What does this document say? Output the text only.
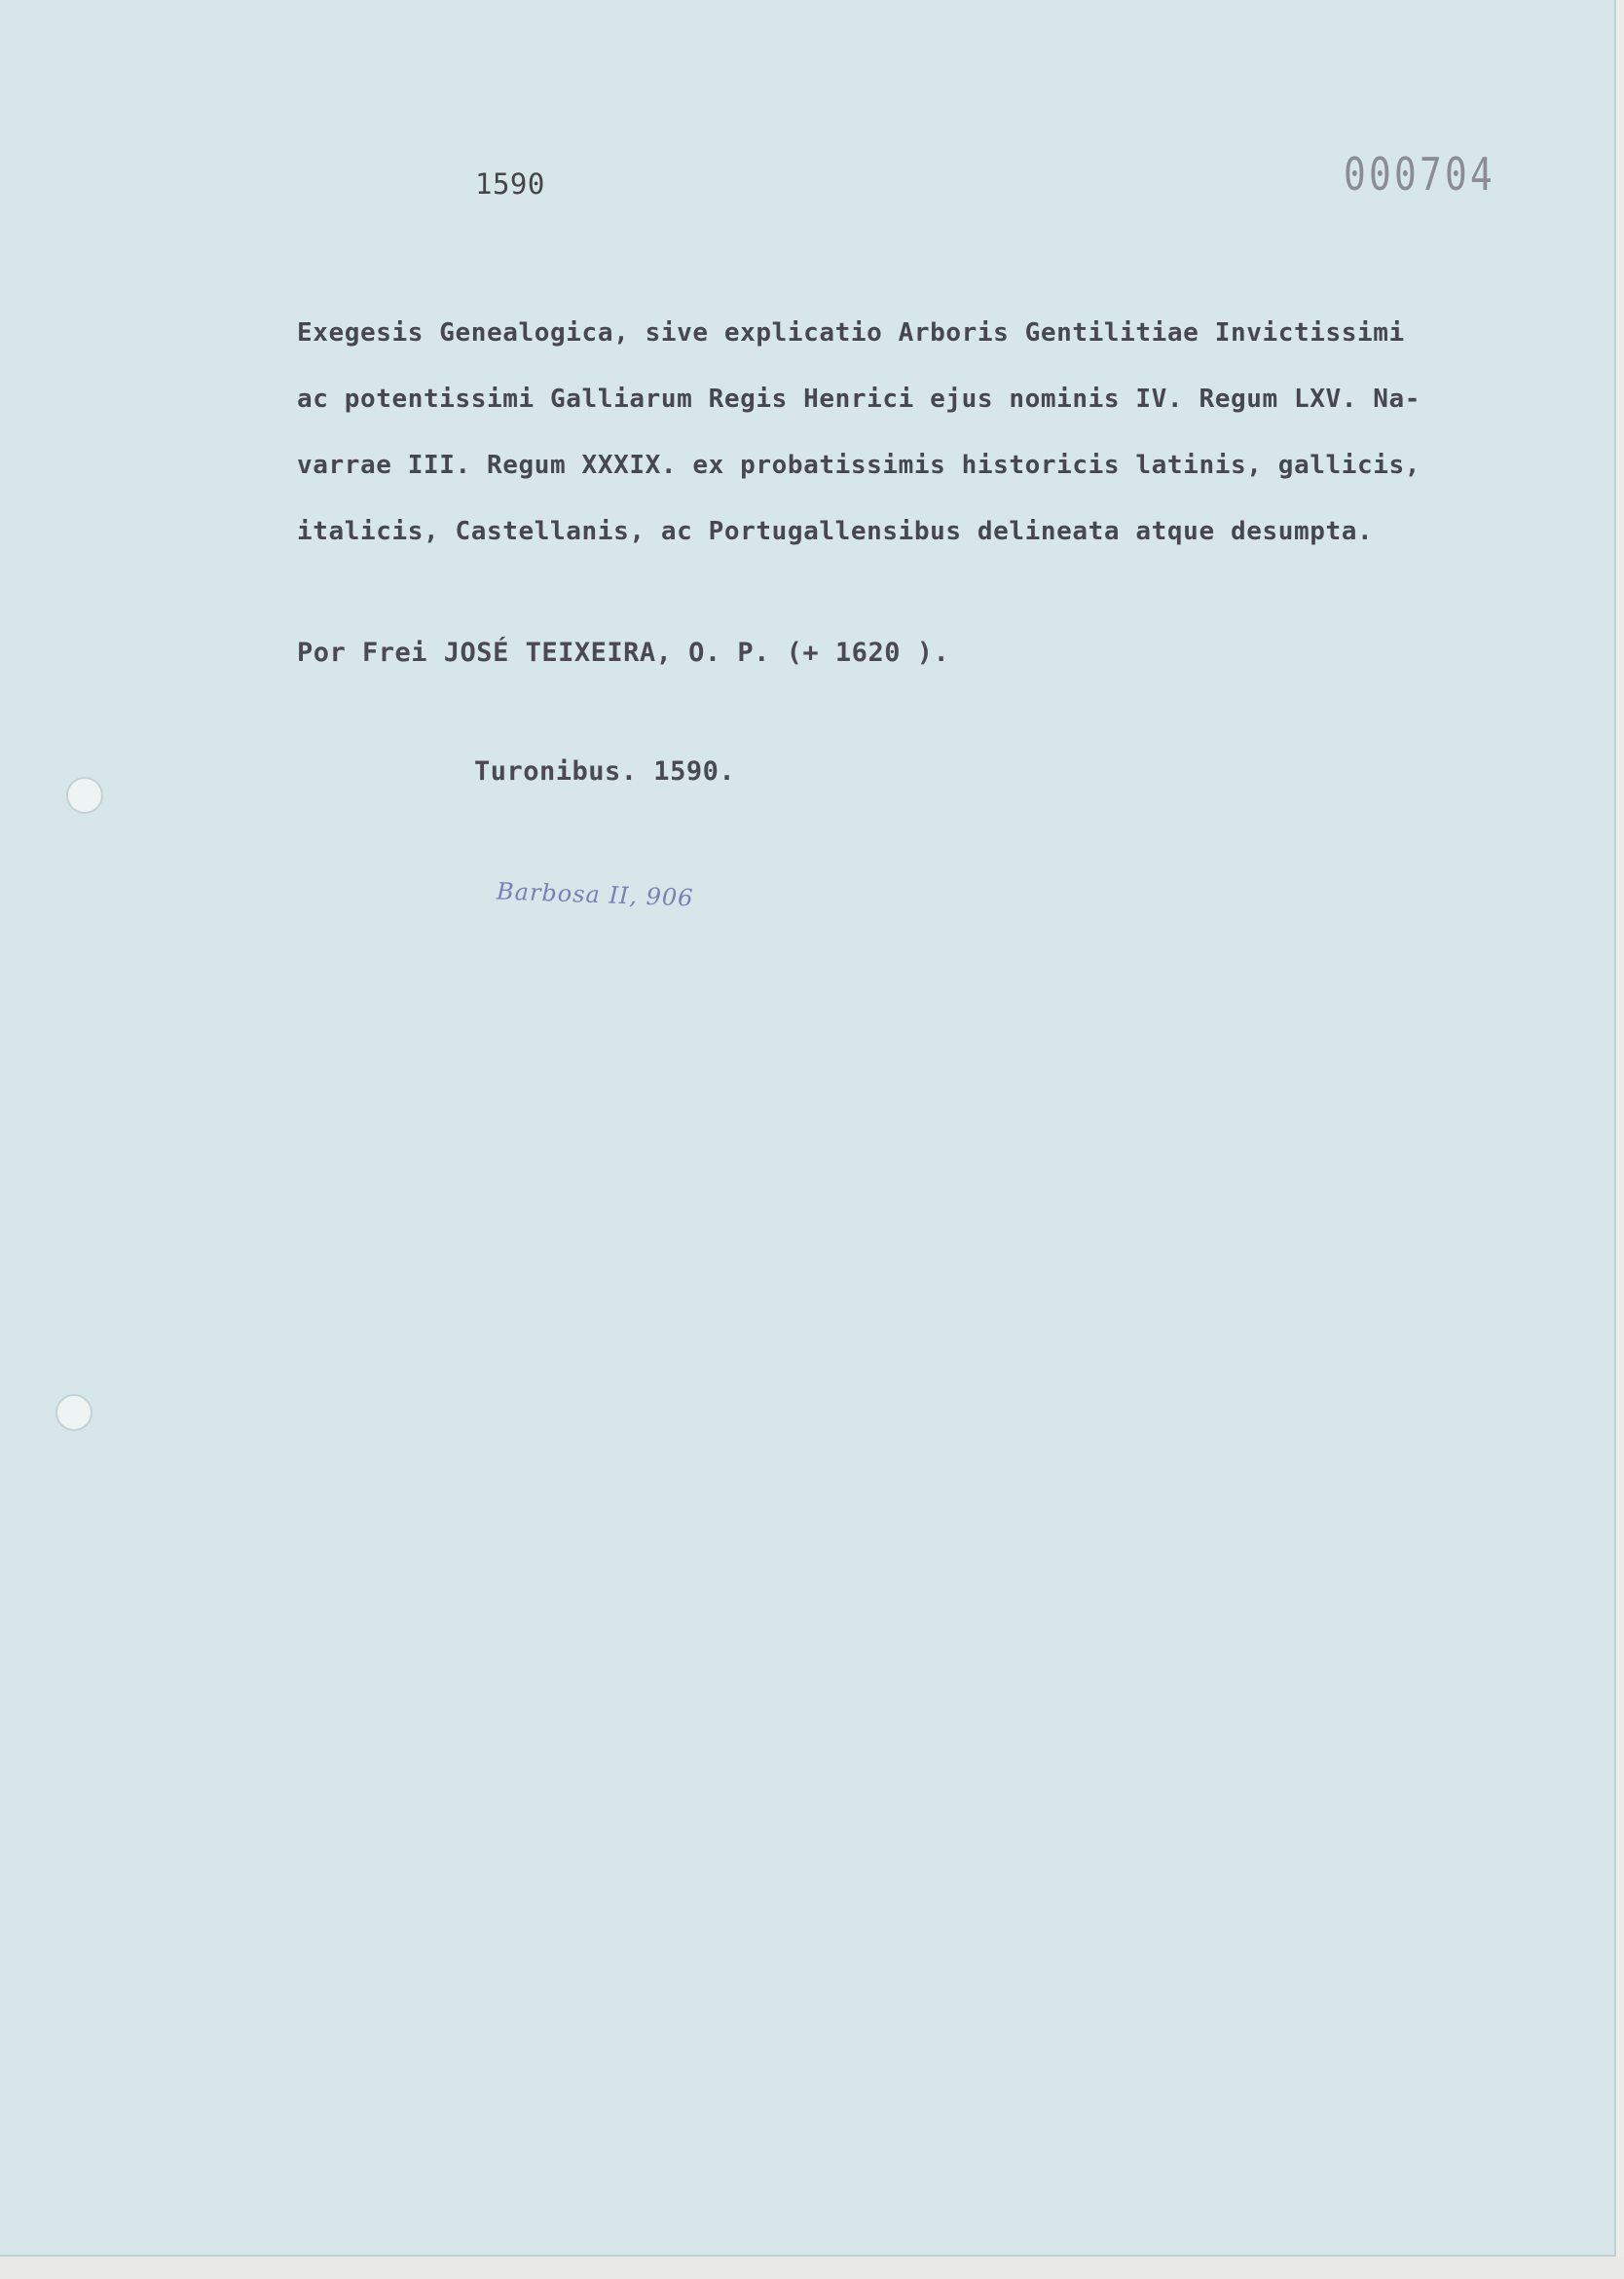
1590	000704
Exegesis Genealogica, sive explicatio Arboris Gentilitiae Invictissimi
ac potentissimi Galliarum Regis Henrici ejus nominis IV. Regum LXV. Na-
varrae III. Regum XXXIX. ex probatissimis historicis latinis, gallicis,
italicis, Castellanis, ac Portugallensibus delineata atque desumpta.
Por Frei JOSÉ TEIXEIRA, O. P. (+ 1620 ).
Turonibus. 1590.
Barbosa II, 906
